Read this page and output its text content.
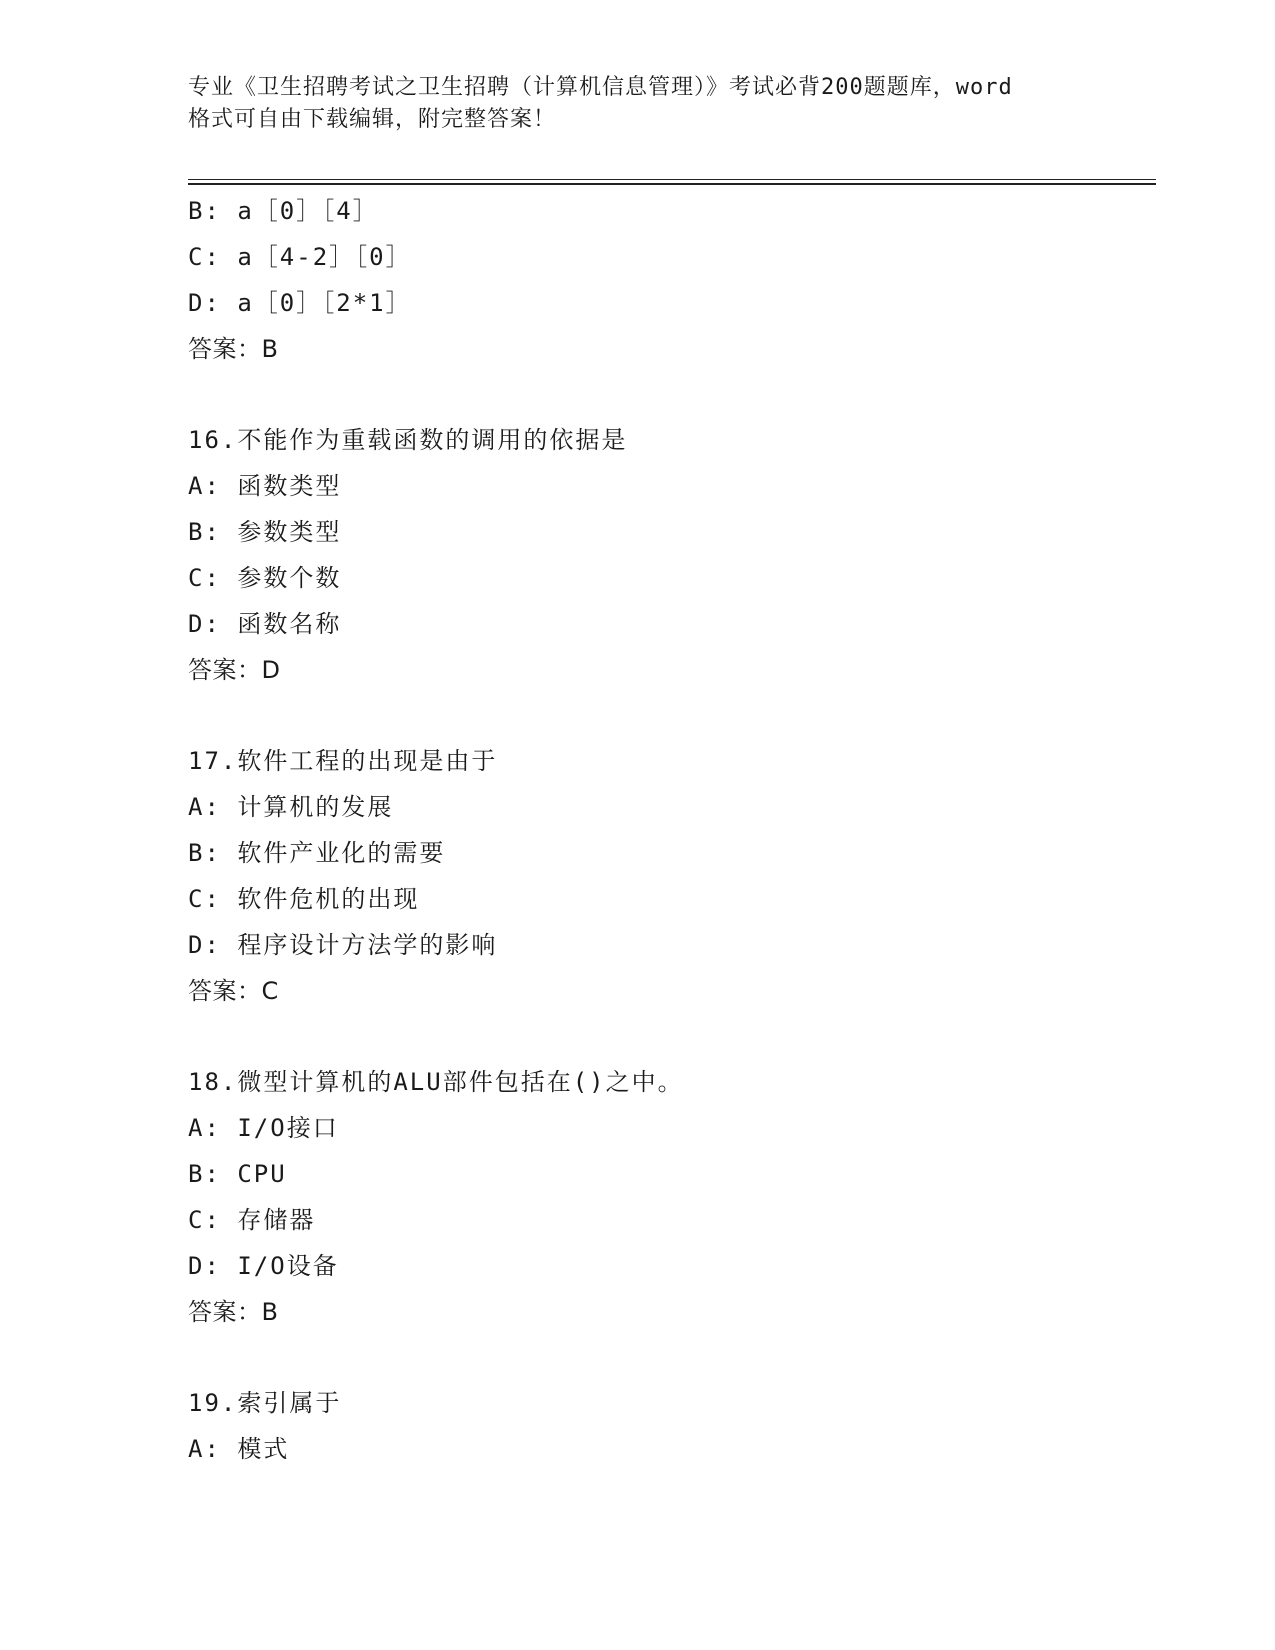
专业《卫生招聘考试之卫生招聘（计算机信息管理）》考试必背200题题库，word
格式可自由下载编辑，附完整答案！
B: a［0］［4］
C: a［4-2］［0］
D: a［0］［2*1］
答案：B
16.不能作为重载函数的调用的依据是
A: 函数类型
B: 参数类型
C: 参数个数
D: 函数名称
答案：D
17.软件工程的出现是由于
A: 计算机的发展
B: 软件产业化的需要
C: 软件危机的出现
D: 程序设计方法学的影响
答案：C
18.微型计算机的ALU部件包括在()之中。
A: I/O接口
B: CPU
C: 存储器
D: I/O设备
答案：B
19.索引属于
A: 模式
